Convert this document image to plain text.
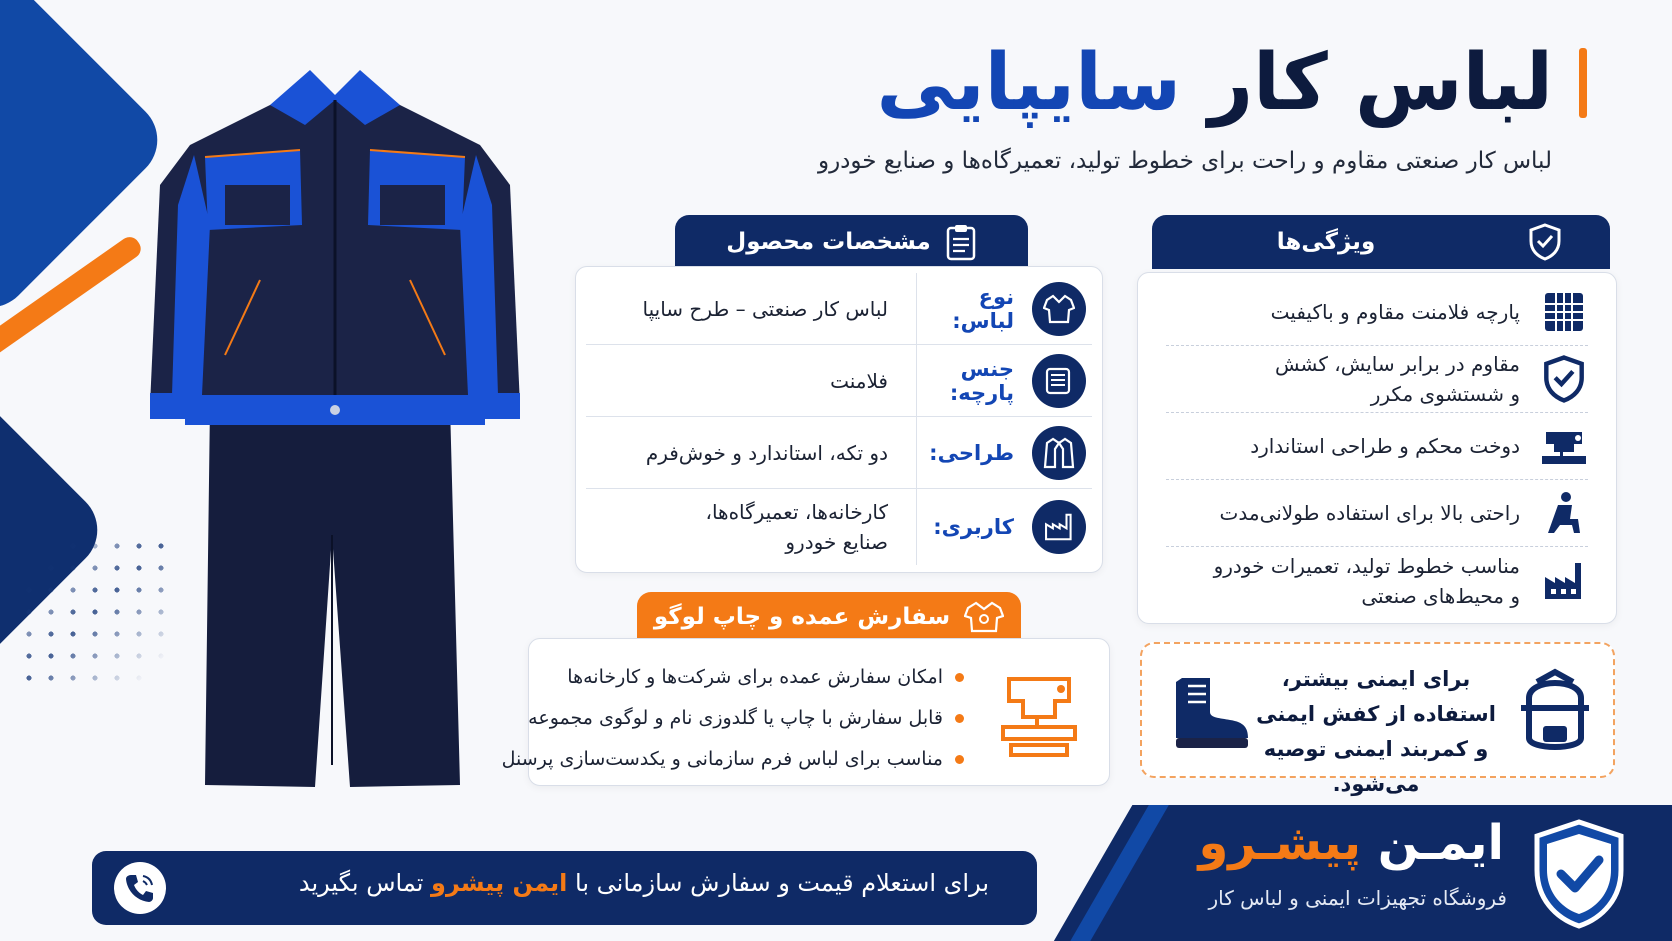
لباس کار سایپایی
لباس کار صنعتی مقاوم و راحت برای خطوط تولید، تعمیرگاه‌ها و صنایع خودرو
ویژگی‌ها
پارچه فلامنت مقاوم و باکیفیت
مقاوم در برابر سایش، کشش و شستشوی مکرر
دوخت محکم و طراحی استاندارد
راحتی بالا برای استفاده طولانی‌مدت
مناسب خطوط تولید، تعمیرات خودرو و محیط‌های صنعتی
مشخصات محصول
نوع لباس:
لباس کار صنعتی – طرح سایپا
جنس پارچه:
فلامنت
طراحی:
دو تکه، استاندارد و خوش‌فرم
کاربری:
کارخانه‌ها، تعمیرگاه‌ها، صنایع خودرو
سفارش عمده و چاپ لوگو
امکان سفارش عمده برای شرکت‌ها و کارخانه‌ها
قابل سفارش با چاپ یا گلدوزی نام و لوگوی مجموعه
مناسب برای لباس فرم سازمانی و یکدست‌سازی پرسنل
برای ایمنی بیشتر، استفاده از کفش ایمنی و کمربند ایمنی توصیه می‌شود.
ایمـن پیشـرو
فروشگاه تجهیزات ایمنی و لباس کار
برای استعلام قیمت و سفارش سازمانی با ایمن پیشرو تماس بگیرید
